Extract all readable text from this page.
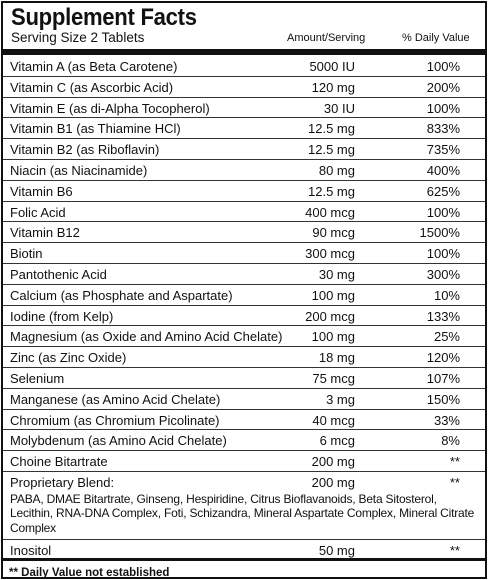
Supplement Facts
Serving Size 2 Tablets	Amount/Serving	% Daily Value
Vitamin A (as Beta Carotene)	5000 IU	100%
Vitamin C (as Ascorbic Acid)	120 mg	200%
Vitamin E (as di-Alpha Tocopherol)	30 IU	100%
Vitamin B1 (as Thiamine HCl)	12.5 mg	833%
Vitamin B2 (as Riboflavin)	12.5 mg	735%
Niacin (as Niacinamide)	80 mg	400%
Vitamin B6	12.5 mg	625%
Folic Acid	400 mcg	100%
Vitamin B12	90 mcg	1500%
Biotin	300 mcg	100%
Pantothenic Acid	30 mg	300%
Calcium (as Phosphate and Aspartate)	100 mg	10%
Iodine (from Kelp)	200 mcg	133%
Magnesium (as Oxide and Amino Acid Chelate) 100 mg	25%
Zinc (as Zinc Oxide)	18 mg	120%
Selenium	75 mcg	107%
Manganese (as Amino Acid Chelate)	3 mg	150%
Chromium (as Chromium Picolinate)	40 mcg	33%
Molybdenum (as Amino Acid Chelate)	6 mcg	8%
Choine Bitartrate	200 mg	**
Proprietary Blend:	200 mg	**
PABA, DMAE Bitartrate, Ginseng, Hespiridine, Citrus Bioflavanoids, Beta Sitosterol, Lecithin, RNA-DNA Complex, Foti, Schizandra, Mineral Aspartate Complex, Mineral Citrate Complex
Inositol	50 mg	**
** Daily Value not established
